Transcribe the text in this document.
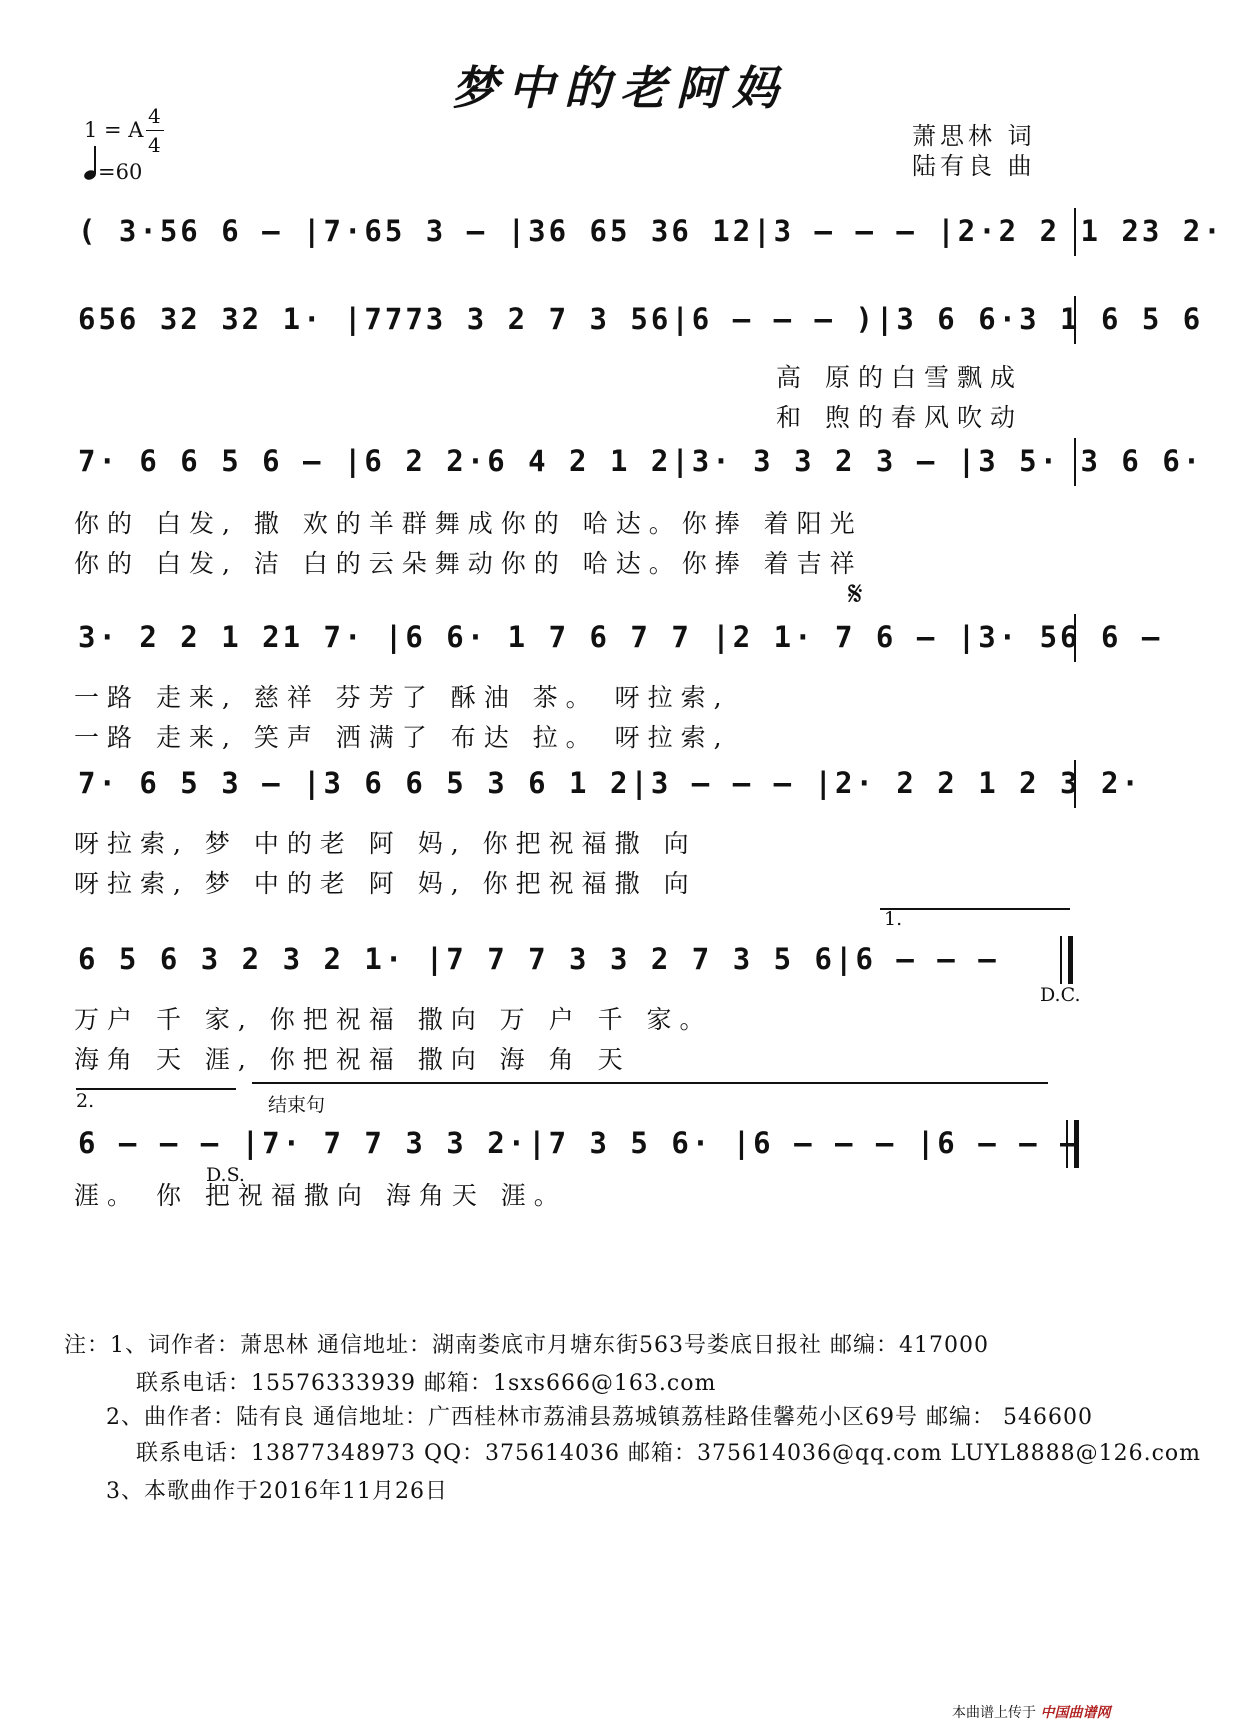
梦中的老阿妈
1 = A
4
4
=60
萧思林 词
陆有良 曲
( 3·56 6 – |7·65 3 – |36 65 36 12|3 – – – |2·2 2 1 23 2·
656 32 32 1· |7773 3 2 7 3 56|6 – – – )|3 6 6·3 1 6 5 6
高 原的白雪飘成
和 煦的春风吹动
7· 6 6 5 6 – |6 2 2·6 4 2 1 2|3· 3 3 2 3 – |3 5· 3 6 6·
你的 白发, 撒 欢的羊群舞成你的 哈达。你捧 着阳光
你的 白发, 洁 白的云朵舞动你的 哈达。你捧 着吉祥
𝄋
3· 2 2 1 21 7· |6 6· 1 7 6 7 7 |2 1· 7 6 – |3· 56 6 –
一路 走来, 慈祥 芬芳了 酥油 茶。 呀拉索,
一路 走来, 笑声 洒满了 布达 拉。 呀拉索,
7· 6 5 3 – |3 6 6 5 3 6 1 2|3 – – – |2· 2 2 1 2 3 2·
呀拉索, 梦 中的老 阿 妈, 你把祝福撒 向
呀拉索, 梦 中的老 阿 妈, 你把祝福撒 向
1.
6 5 6 3 2 3 2 1· |7 7 7 3 3 2 7 3 5 6|6 – – –
D.C.
万户 千 家, 你把祝福 撒向 万 户 千 家。
海角 天 涯, 你把祝福 撒向 海 角 天
2.	结束句
6 – – – |7· 7 7 3 3 2·|7 3 5 6· |6 – – – |6 – – –
D.S.
涯。 你 把祝福撒向 海角天 涯。
注：1、词作者：萧思林 通信地址：湖南娄底市月塘东街563号娄底日报社 邮编：417000
联系电话：15576333939 邮箱：1sxs666@163.com
2、曲作者：陆有良 通信地址：广西桂林市荔浦县荔城镇荔桂路佳馨苑小区69号 邮编： 546600
联系电话：13877348973 QQ：375614036 邮箱：375614036@qq.com LUYL8888@126.com
3、本歌曲作于2016年11月26日
本曲谱上传于 中国曲谱网
